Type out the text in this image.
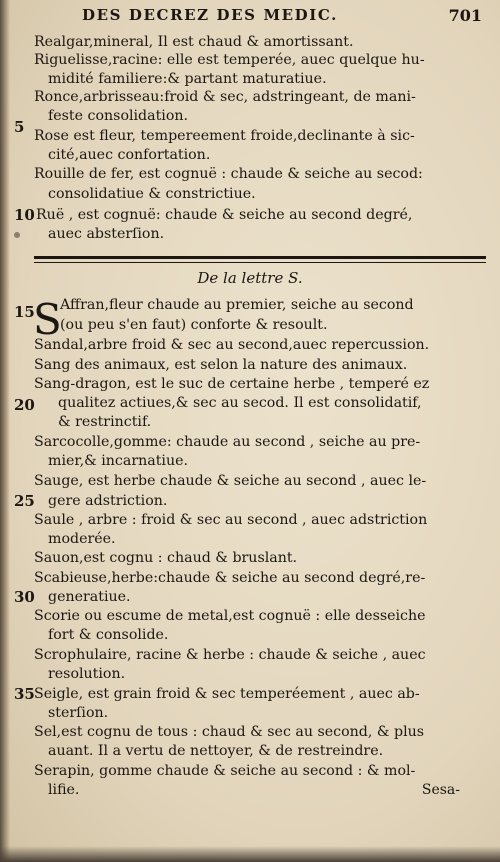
DES DECREZ DES MEDIC.	701
Realgar,mineral, Il est chaud & amortissant.
Riguelisse,racine: elle est temperée, auec quelque hu-
midité familiere:& partant maturatiue.
Ronce,arbrisseau:froid & sec, adstringeant, de mani-
feste consolidation.
5 Rose est fleur, tempereement froide,declinante à sic-
cité,auec confortation.
Rouille de fer, est cognuë : chaude & seiche au secod:
consolidatiue & constrictiue.
10 Ruë , est cognuë: chaude & seiche au second degré,
auec absterſion.
De la lettre S.
15
S
Affran,fleur chaude au premier, seiche au second
(ou peu s'en faut) conforte & resoult.
Sandal,arbre froid & sec au second,auec repercussion.
Sang des animaux, est selon la nature des animaux.
Sang-dragon, est le suc de certaine herbe , temperé ez
20 qualitez actiues,& sec au secod. Il est consolidatif,
& restrinctif.
Sarcocolle,gomme: chaude au second , seiche au pre-
mier,& incarnatiue.
Sauge, est herbe chaude & seiche au second , auec le-
25 gere adstriction.
Saule , arbre : froid & sec au second , auec adstriction
moderée.
Sauon,est cognu : chaud & bruslant.
Scabieuse,herbe:chaude & seiche au second degré,re-
30 generatiue.
Scorie ou escume de metal,est cognuë : elle desseiche
fort & consolide.
Scrophulaire, racine & herbe : chaude & seiche , auec
resolution.
35 Seigle, est grain froid & sec temperéement , auec ab-
sterſion.
Sel,est cognu de tous : chaud & sec au second, & plus
auant. Il a vertu de nettoyer, & de restreindre.
Serapin, gomme chaude & seiche au second : & mol-
lifie.	Sesa-
